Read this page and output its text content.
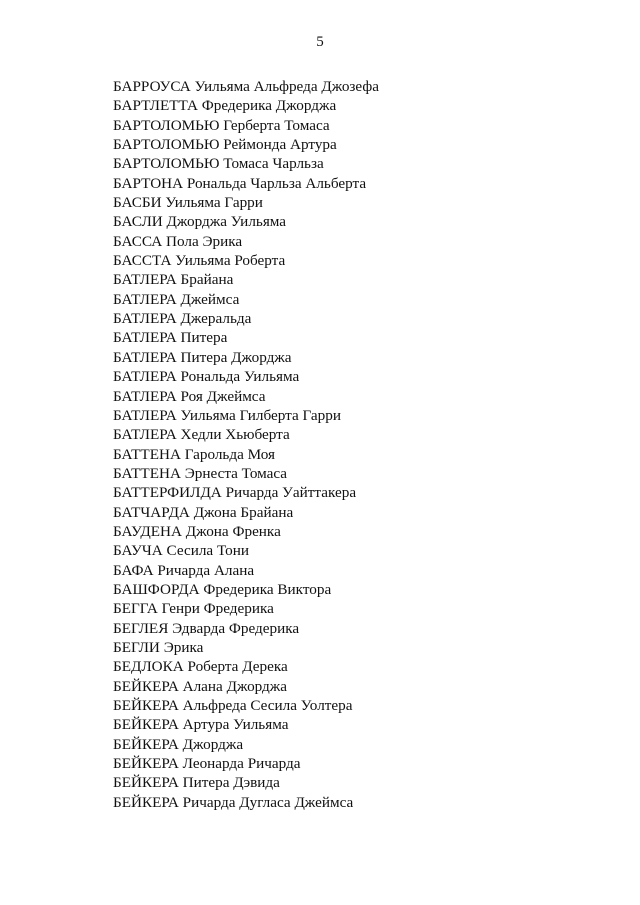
5
БАРРОУСА Уильяма Альфреда Джозефа
БАРТЛЕТТА Фредерика Джорджа
БАРТОЛОМЬЮ Герберта Томаса
БАРТОЛОМЬЮ Реймонда Артура
БАРТОЛОМЬЮ Томаса Чарльза
БАРТОНА Рональда Чарльза Альберта
БАСБИ Уильяма Гарри
БАСЛИ Джорджа Уильяма
БАССА Пола Эрика
БАССТА Уильяма Роберта
БАТЛЕРА Брайана
БАТЛЕРА Джеймса
БАТЛЕРА Джеральда
БАТЛЕРА Питера
БАТЛЕРА Питера Джорджа
БАТЛЕРА Рональда Уильяма
БАТЛЕРА Роя Джеймса
БАТЛЕРА Уильяма Гилберта Гарри
БАТЛЕРА Хедли Хьюберта
БАТТЕНА Гарольда Моя
БАТТЕНА Эрнеста Томаса
БАТТЕРФИЛДА Ричарда Уайттакера
БАТЧАРДА Джона Брайана
БАУДЕНА Джона Френка
БАУЧА Сесила Тони
БАФА Ричарда Алана
БАШФОРДА Фредерика Виктора
БЕГГА Генри Фредерика
БЕГЛЕЯ Эдварда Фредерика
БЕГЛИ Эрика
БЕДЛОКА Роберта Дерека
БЕЙКЕРА Алана Джорджа
БЕЙКЕРА Альфреда Сесила Уолтера
БЕЙКЕРА Артура Уильяма
БЕЙКЕРА Джорджа
БЕЙКЕРА Леонарда Ричарда
БЕЙКЕРА Питера Дэвида
БЕЙКЕРА Ричарда Дугласа Джеймса
